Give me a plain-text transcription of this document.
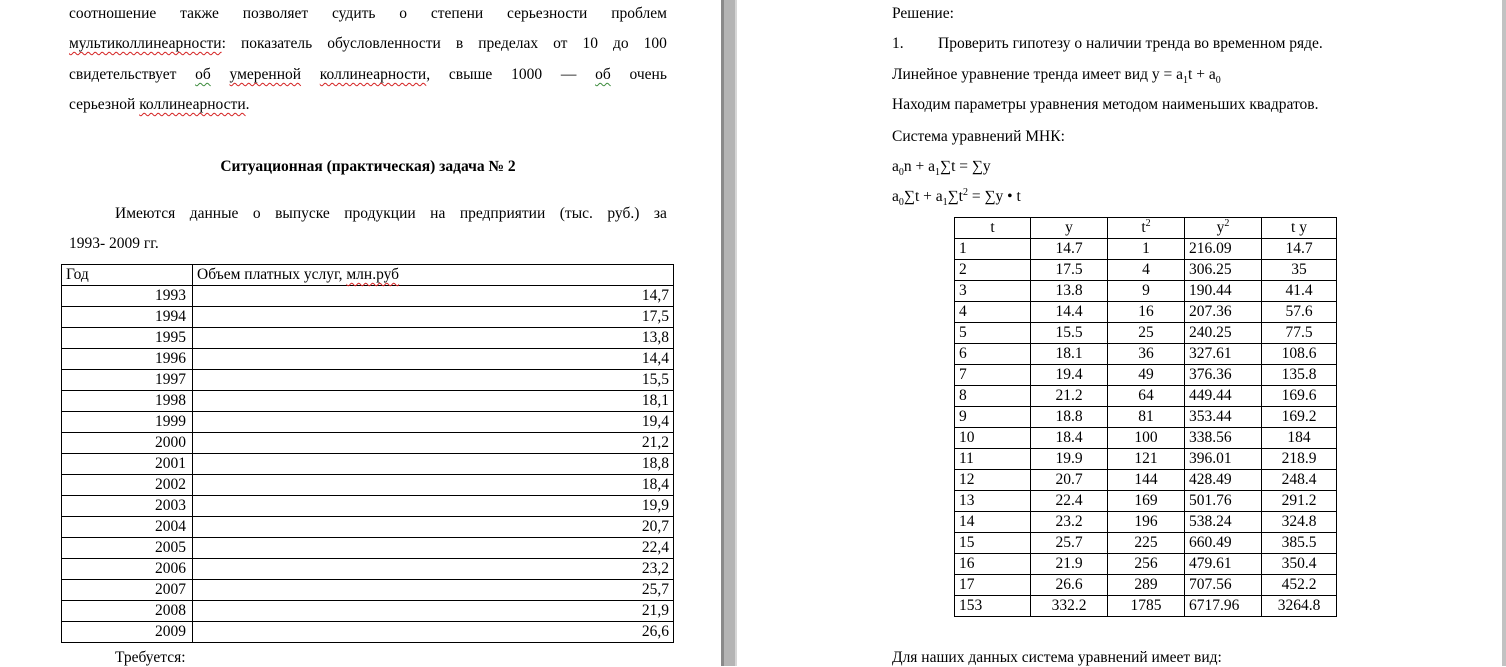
соотношение также позволяет судить о степени серьезности проблем
мультиколлинеарности: показатель обусловленности в пределах от 10 до 100
свидетельствует об умеренной коллинеарности, свыше 1000 — об очень
серьезной коллинеарности.
Ситуационная (практическая) задача № 2
Имеются данные о выпуске продукции на предприятии (тыс. руб.) за
1993- 2009 гг.
Год	Объем платных услуг, млн.руб
1993	14,7
1994	17,5
1995	13,8
1996	14,4
1997	15,5
1998	18,1
1999	19,4
2000	21,2
2001	18,8
2002	18,4
2003	19,9
2004	20,7
2005	22,4
2006	23,2
2007	25,7
2008	21,9
2009	26,6
Требуется:
Решение:
1. Проверить гипотезу о наличии тренда во временном ряде.
Линейное уравнение тренда имеет вид $y = a_1t + a_0$
Находим параметры уравнения методом наименьших квадратов.
Система уравнений МНК:
$a_0n + a_1\sum t = \sum y$
$a_0\sum t + a_1\sum t^2 = \sum y$ • t
t	y	$t^2$	$y^2$	t y
1	14.7	1	216.09	14.7
2	17.5	4	306.25	35
3	13.8	9	190.44	41.4
4	14.4	16	207.36	57.6
5	15.5	25	240.25	77.5
6	18.1	36	327.61	108.6
7	19.4	49	376.36	135.8
8	21.2	64	449.44	169.6
9	18.8	81	353.44	169.2
10	18.4	100	338.56	184
11	19.9	121	396.01	218.9
12	20.7	144	428.49	248.4
13	22.4	169	501.76	291.2
14	23.2	196	538.24	324.8
15	25.7	225	660.49	385.5
16	21.9	256	479.61	350.4
17	26.6	289	707.56	452.2
153	332.2	1785	6717.96	3264.8
Для наших данных система уравнений имеет вид:
